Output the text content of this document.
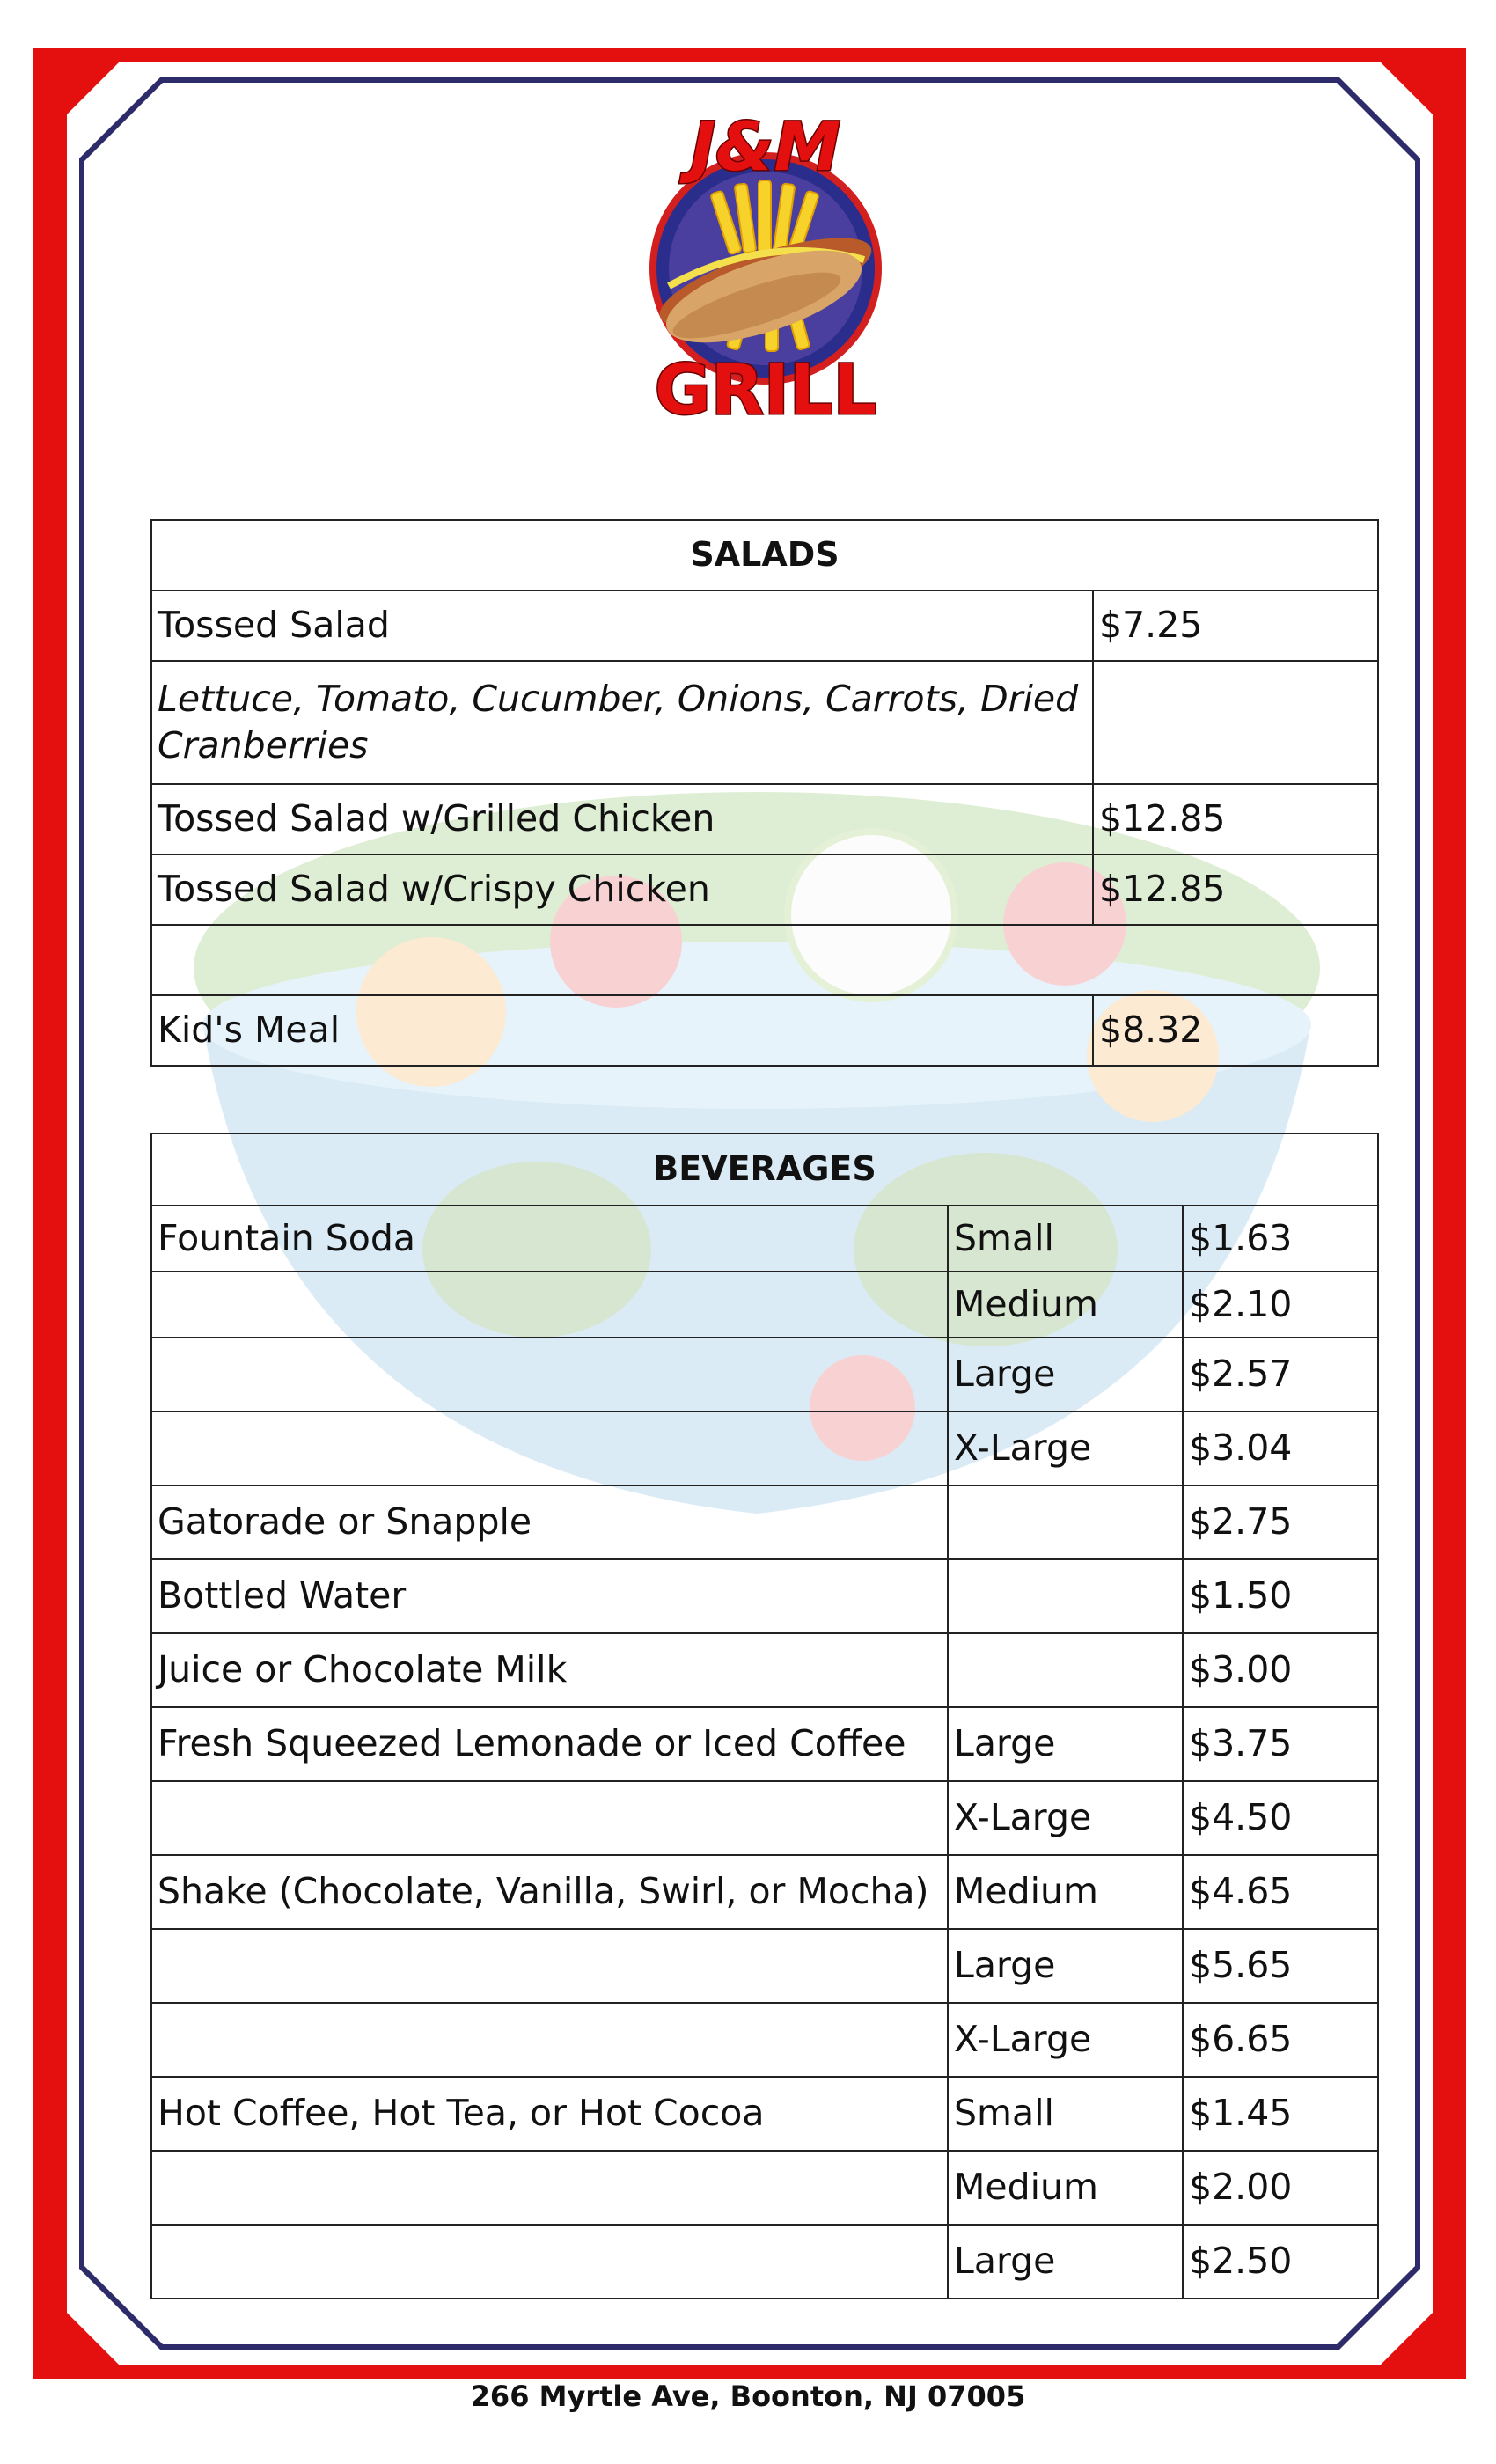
J&M
GRILL
SALADS	
Tossed Salad	$7.25
Lettuce, Tomato, Cucumber, Onions, Carrots, Dried Cranberries	
Tossed Salad w/Grilled Chicken	$12.85
Tossed Salad w/Crispy Chicken	$12.85

Kid's Meal	$8.32
BEVERAGES		
Fountain Soda	Small	$1.63
	Medium	$2.10
	Large	$2.57
	X-Large	$3.04
Gatorade or Snapple		$2.75
Bottled Water		$1.50
Juice or Chocolate Milk		$3.00
Fresh Squeezed Lemonade or Iced Coffee	Large	$3.75
	X-Large	$4.50
Shake (Chocolate, Vanilla, Swirl, or Mocha)	Medium	$4.65
	Large	$5.65
	X-Large	$6.65
Hot Coffee, Hot Tea, or Hot Cocoa	Small	$1.45
	Medium	$2.00
	Large	$2.50
266 Myrtle Ave, Boonton, NJ 07005
